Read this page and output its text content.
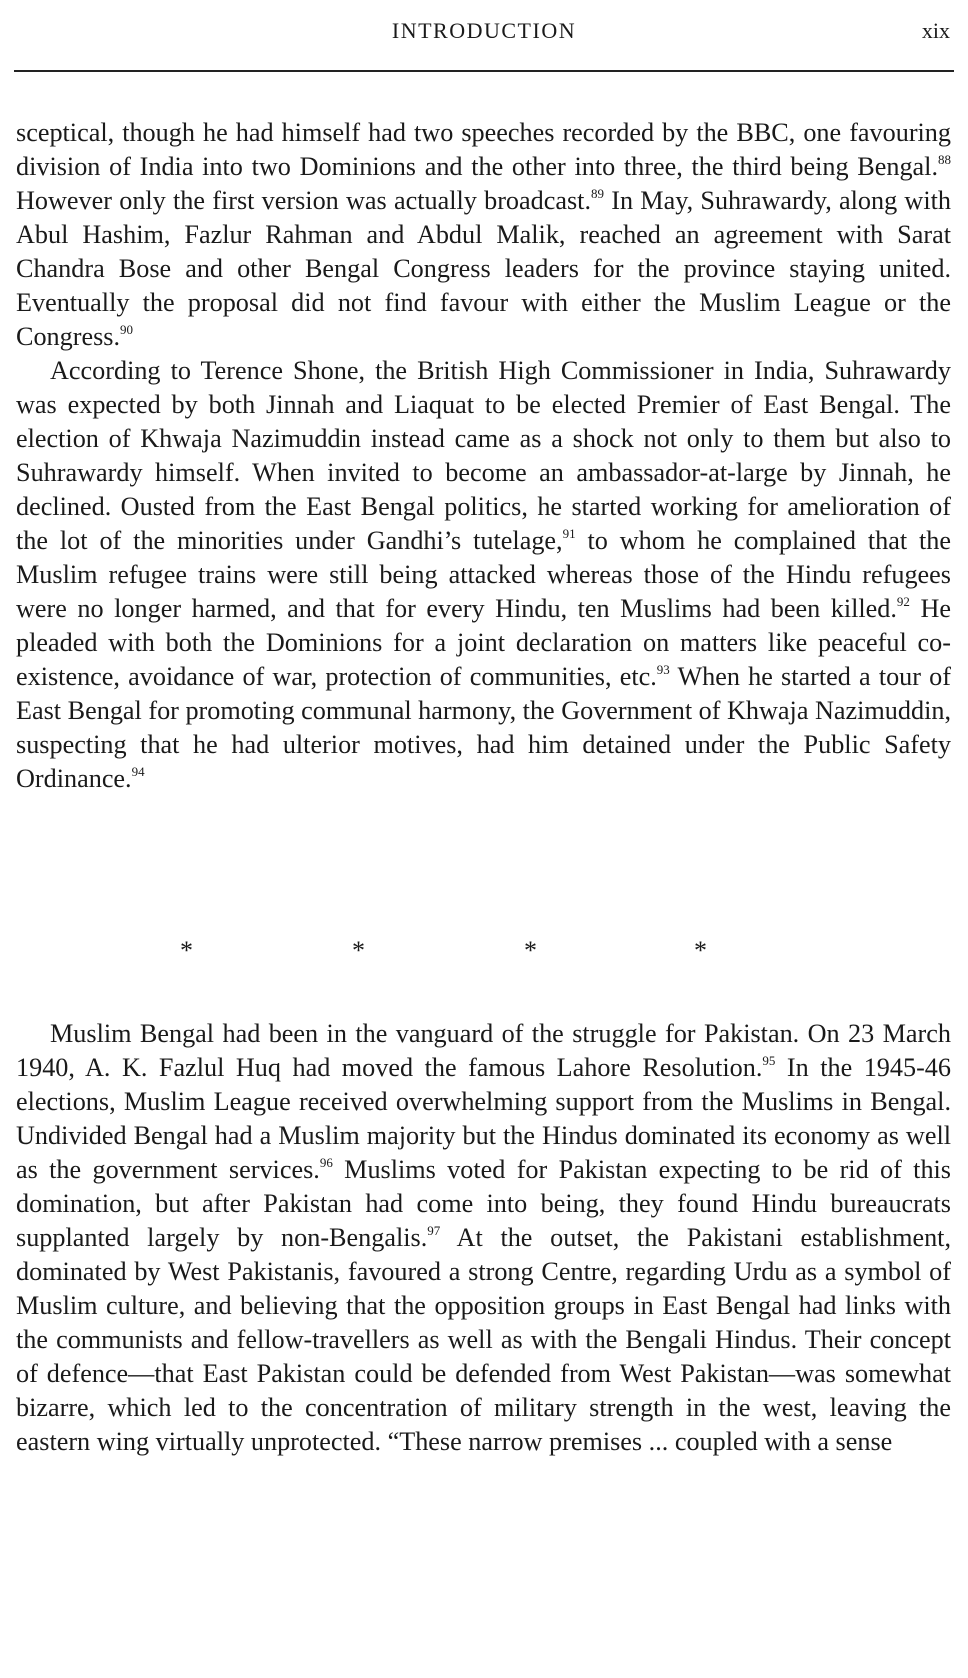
INTRODUCTION	xix

sceptical, though he had himself had two speeches recorded by the BBC, one favouring division of India into two Dominions and the other into three, the third being Bengal.$^{88}$ However only the first version was actually broadcast.$^{89}$ In May, Suhrawardy, along with Abul Hashim, Fazlur Rahman and Abdul Malik, reached an agreement with Sarat Chandra Bose and other Bengal Congress leaders for the province staying united. Eventually the proposal did not find favour with either the Muslim League or the Congress.$^{90}$

According to Terence Shone, the British High Commissioner in India, Suhrawardy was expected by both Jinnah and Liaquat to be elected Premier of East Bengal. The election of Khwaja Nazimuddin instead came as a shock not only to them but also to Suhrawardy himself. When invited to become an ambassador-at-large by Jinnah, he declined. Ousted from the East Bengal politics, he started working for amelioration of the lot of the minorities under Gandhi’s tutelage,$^{91}$ to whom he complained that the Muslim refugee trains were still being attacked whereas those of the Hindu refugees were no longer harmed, and that for every Hindu, ten Muslims had been killed.$^{92}$ He pleaded with both the Dominions for a joint declaration on matters like peaceful co-existence, avoidance of war, protection of communities, etc.$^{93}$ When he started a tour of East Bengal for promoting communal harmony, the Government of Khwaja Nazimuddin, suspecting that he had ulterior motives, had him detained under the Public Safety Ordinance.$^{94}$

*	*	*	*

Muslim Bengal had been in the vanguard of the struggle for Pakistan. On 23 March 1940, A. K. Fazlul Huq had moved the famous Lahore Resolution.$^{95}$ In the 1945-46 elections, Muslim League received overwhelming support from the Muslims in Bengal. Undivided Bengal had a Muslim majority but the Hindus dominated its economy as well as the government services.$^{96}$ Muslims voted for Pakistan expecting to be rid of this domination, but after Pakistan had come into being, they found Hindu bureaucrats supplanted largely by non-Bengalis.$^{97}$ At the outset, the Pakistani establishment, dominated by West Pakistanis, favoured a strong Centre, regarding Urdu as a symbol of Muslim culture, and believing that the opposition groups in East Bengal had links with the communists and fellow-travellers as well as with the Bengali Hindus. Their concept of defence—that East Pakistan could be defended from West Pakistan—was somewhat bizarre, which led to the concentration of military strength in the west, leaving the eastern wing virtually unprotected. “These narrow premises ... coupled with a sense
